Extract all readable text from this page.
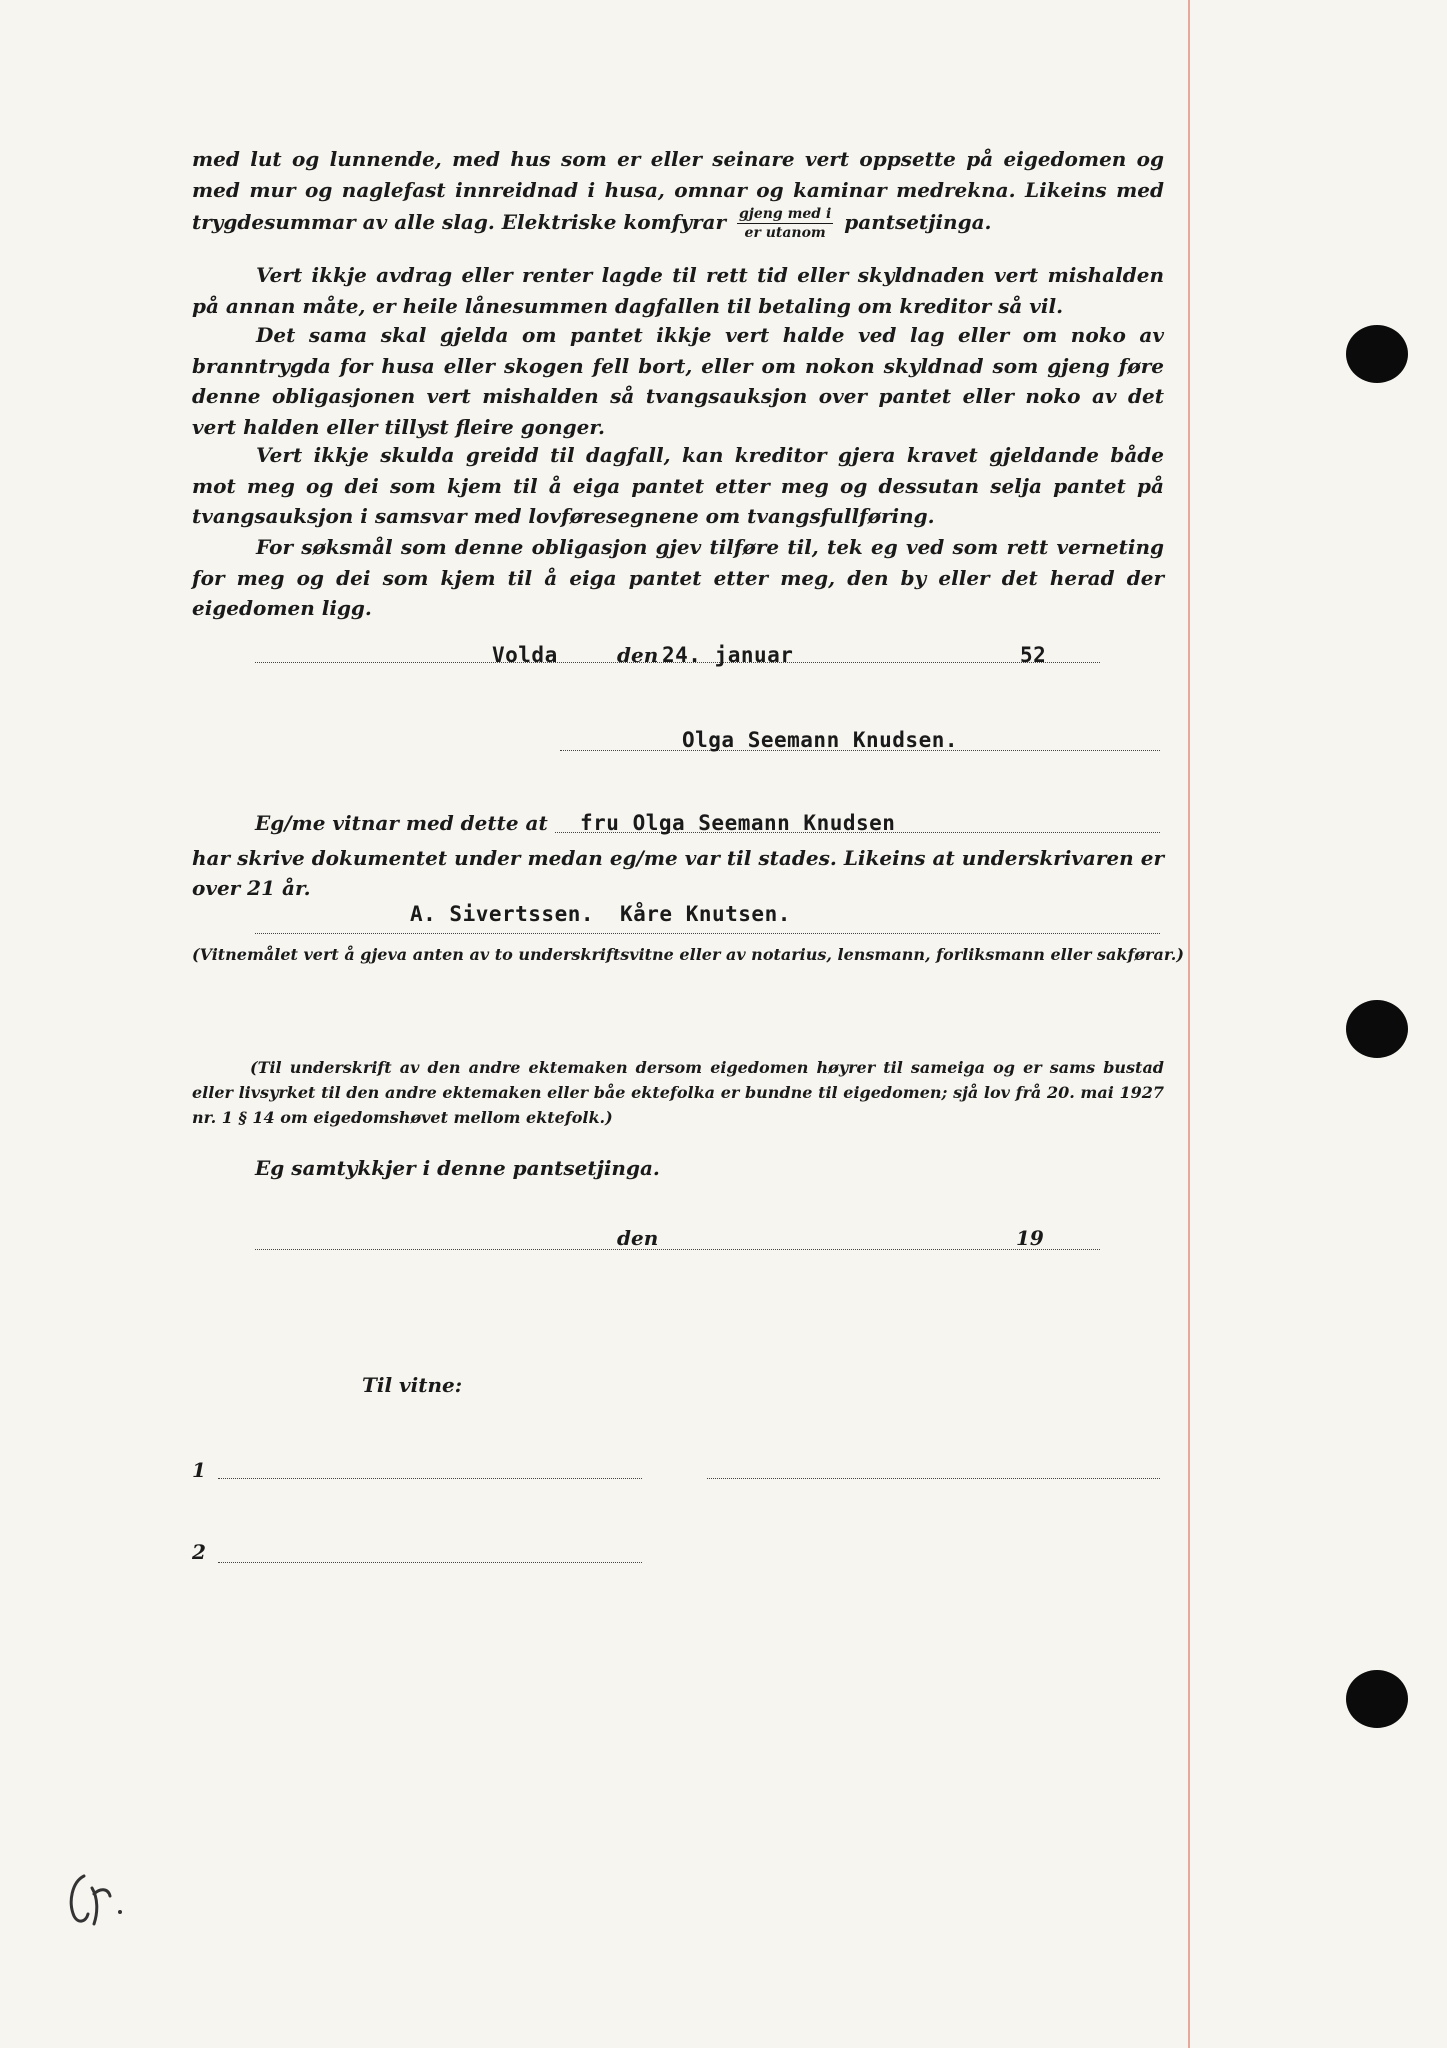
med lut og lunnende, med hus som er eller seinare vert oppsette på eigedomen og med mur og naglefast innreidnad i husa, omnar og kaminar medrekna. Likeins med trygdesummar av alle slag. Elektriske komfyrar $\frac{\text{gjeng med i}}{\text{er utanom}}$ pantsetjinga.
Vert ikkje avdrag eller renter lagde til rett tid eller skyldnaden vert mishalden på annan måte, er heile lånesummen dagfallen til betaling om kreditor så vil.
Det sama skal gjelda om pantet ikkje vert halde ved lag eller om noko av branntrygda for husa eller skogen fell bort, eller om nokon skyldnad som gjeng føre denne obligasjonen vert mishalden så tvangsauksjon over pantet eller noko av det vert halden eller tillyst fleire gonger.
Vert ikkje skulda greidd til dagfall, kan kreditor gjera kravet gjeldande både mot meg og dei som kjem til å eiga pantet etter meg og dessutan selja pantet på tvangsauksjon i samsvar med lovføresegnene om tvangsfullføring.
For søksmål som denne obligasjon gjev tilføre til, tek eg ved som rett verneting for meg og dei som kjem til å eiga pantet etter meg, den by eller det herad der eigedomen ligg.
Volda	den 24. januar	52
Olga Seemann Knudsen.
Eg/me vitnar med dette at fru Olga Seemann Knudsen
har skrive dokumentet under medan eg/me var til stades. Likeins at underskrivaren er over 21 år.
A. Sivertssen. Kåre Knutsen.
(Vitnemålet vert å gjeva anten av to underskriftsvitne eller av notarius, lensmann, forliksmann eller sakførar.)
(Til underskrift av den andre ektemaken dersom eigedomen høyrer til sameiga og er sams bustad eller livsyrket til den andre ektemaken eller båe ektefolka er bundne til eigedomen; sjå lov frå 20. mai 1927 nr. 1 § 14 om eigedomshøvet mellom ektefolk.)
Eg samtykkjer i denne pantsetjinga.
den	19
Til vitne:
1
2
